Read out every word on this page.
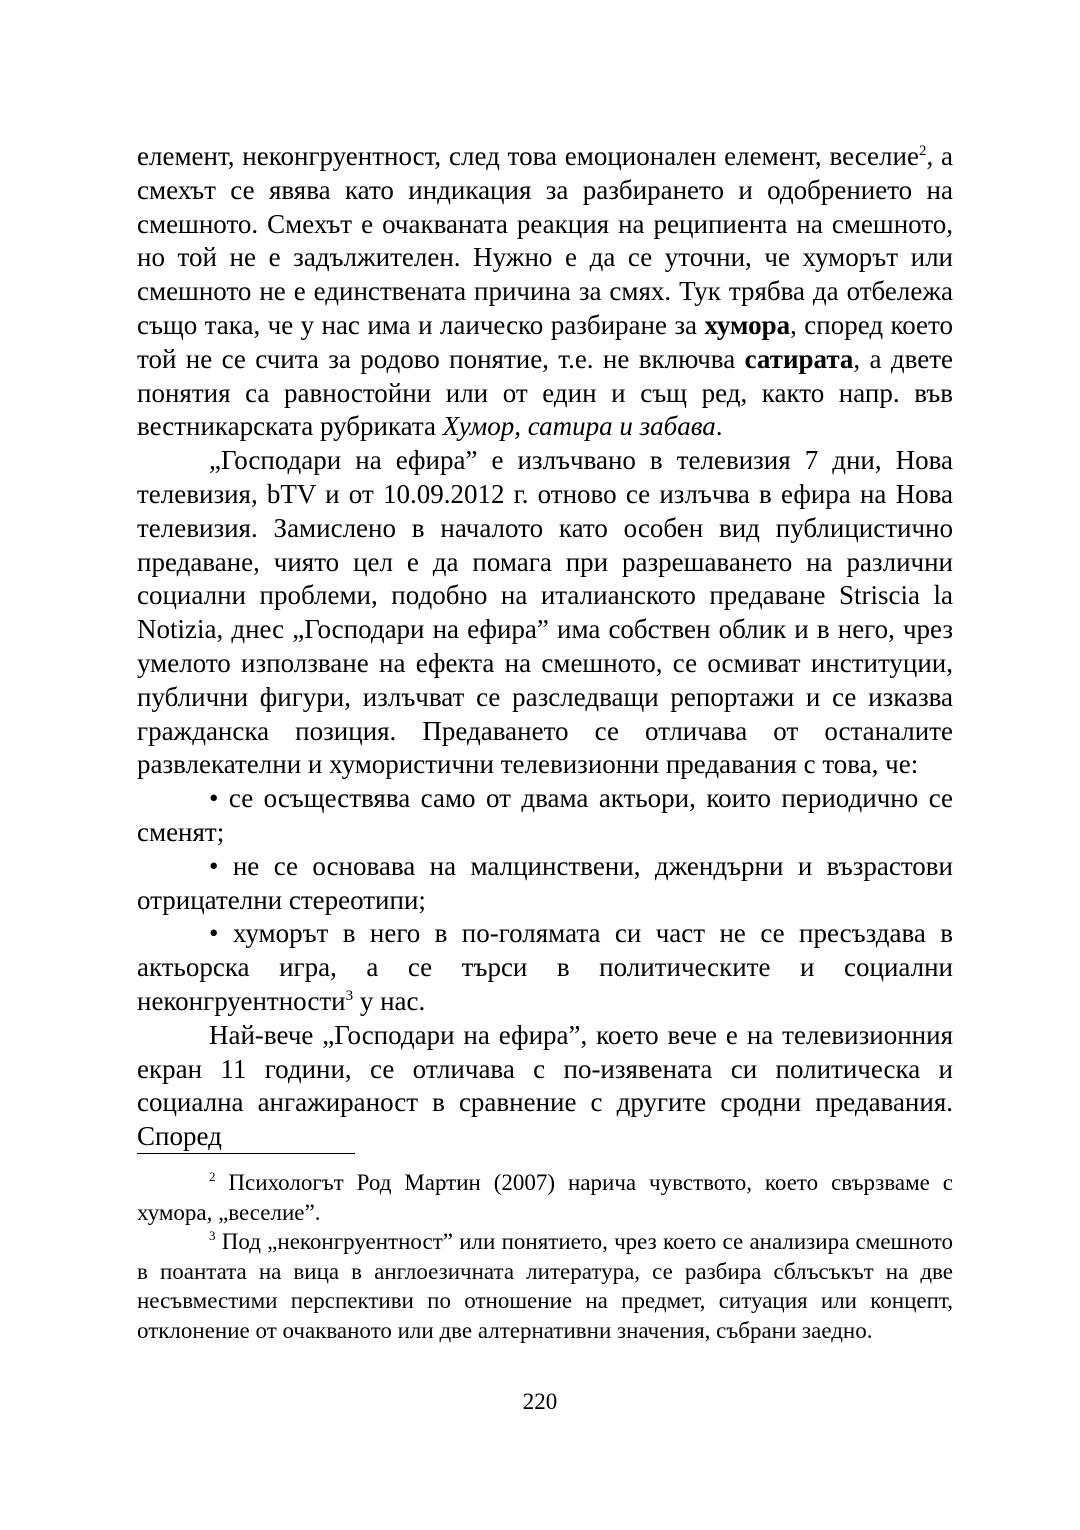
елемент, неконгруентност, след това емоционален елемент, веселие$^2$, а смехът се явява като индикация за разбирането и одобрението на смешното. Смехът е очакваната реакция на реципиента на смешното, но той не е задължителен. Нужно е да се уточни, че хуморът или смешното не е единствената причина за смях. Тук трябва да отбележа също така, че у нас има и лаическо разбиране за хумора, според което той не се счита за родово понятие, т.е. не включва сатирата, а двете понятия са равностойни или от един и същ ред, както напр. във вестникарската рубриката Хумор, сатира и забава.

„Господари на ефира” е излъчвано в телевизия 7 дни, Нова телевизия, bTV и от 10.09.2012 г. отново се излъчва в ефира на Нова телевизия. Замислено в началото като особен вид публицистично предаване, чиято цел е да помага при разрешаването на различни социални проблеми, подобно на италианското предаване Striscia la Notizia, днес „Господари на ефира” има собствен облик и в него, чрез умелото използване на ефекта на смешното, се осмиват институции, публични фигури, излъчват се разследващи репортажи и се изказва гражданска позиция. Предаването се отличава от останалите развлекателни и хумористични телевизионни предавания с това, че:

• се осъществява само от двама актьори, които периодично се сменят;

• не се основава на малцинствени, джендърни и възрастови отрицателни стереотипи;

• хуморът в него в по-голямата си част не се пресъздава в актьорска игра, а се търси в политическите и социални неконгруентности$^3$ у нас.

Най-вече „Господари на ефира”, което вече е на телевизионния екран 11 години, се отличава с по-изявената си политическа и социална ангажираност в сравнение с другите сродни предавания. Според

$^2$ Психологът Род Мартин (2007) нарича чувството, което свързваме с хумора, „веселие”.

$^3$ Под „неконгруентност” или понятието, чрез което се анализира смешното в поантата на вица в англоезичната литература, се разбира сблъсъкът на две несъвместими перспективи по отношение на предмет, ситуация или концепт, отклонение от очакваното или две алтернативни значения, събрани заедно.

220
